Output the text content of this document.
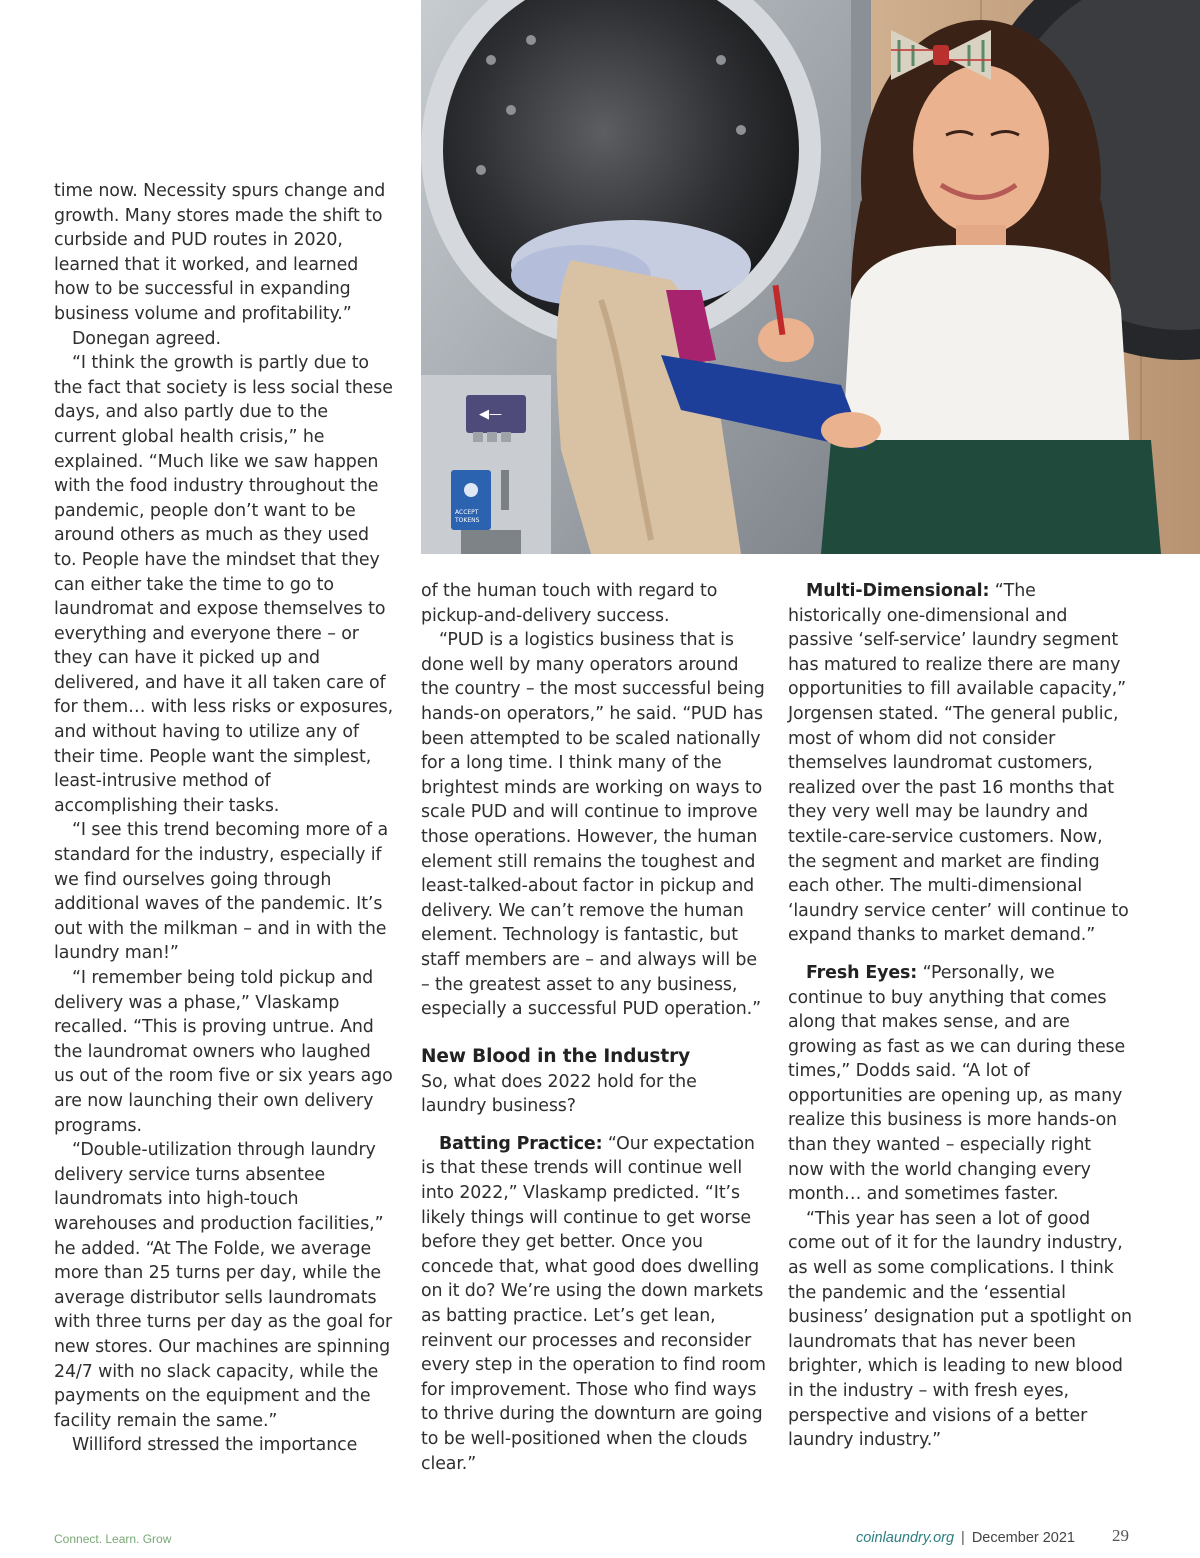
◀—
ACCEPT
TOKENS

time now. Necessity spurs change and growth. Many stores made the shift to curbside and PUD routes in 2020, learned that it worked, and learned how to be successful in expanding business volume and profitability.”

Donegan agreed.

“I think the growth is partly due to the fact that society is less social these days, and also partly due to the current global health crisis,” he explained. “Much like we saw happen with the food industry throughout the pandemic, people don’t want to be around others as much as they used to. People have the mindset that they can either take the time to go to laundromat and expose themselves to everything and everyone there – or they can have it picked up and delivered, and have it all taken care of for them… with less risks or exposures, and without having to utilize any of their time. People want the simplest, least-intrusive method of accomplishing their tasks.

“I see this trend becoming more of a standard for the industry, especially if we find ourselves going through additional waves of the pandemic. It’s out with the milkman – and in with the laundry man!”

“I remember being told pickup and delivery was a phase,” Vlaskamp recalled. “This is proving untrue. And the laundromat owners who laughed us out of the room five or six years ago are now launching their own delivery programs.

“Double-utilization through laundry delivery service turns absentee laundromats into high-touch warehouses and production facilities,” he added. “At The Folde, we average more than 25 turns per day, while the average distributor sells laundromats with three turns per day as the goal for new stores. Our machines are spinning 24/7 with no slack capacity, while the payments on the equipment and the facility remain the same.”

Williford stressed the importance

of the human touch with regard to pickup-and-delivery success.

“PUD is a logistics business that is done well by many operators around the country – the most successful being hands-on operators,” he said. “PUD has been attempted to be scaled nationally for a long time. I think many of the brightest minds are working on ways to scale PUD and will continue to improve those operations. However, the human element still remains the toughest and least-talked-about factor in pickup and delivery. We can’t remove the human element. Technology is fantastic, but staff members are – and always will be – the greatest asset to any business, especially a successful PUD operation.”

New Blood in the Industry

So, what does 2022 hold for the laundry business?

Batting Practice: “Our expectation is that these trends will continue well into 2022,” Vlaskamp predicted. “It’s likely things will continue to get worse before they get better. Once you concede that, what good does dwelling on it do? We’re using the down markets as batting practice. Let’s get lean, reinvent our processes and reconsider every step in the operation to find room for improvement. Those who find ways to thrive during the downturn are going to be well-positioned when the clouds clear.”

Multi-Dimensional: “The historically one-dimensional and passive ‘self-service’ laundry segment has matured to realize there are many opportunities to fill available capacity,” Jorgensen stated. “The general public, most of whom did not consider themselves laundromat customers, realized over the past 16 months that they very well may be laundry and textile-care-service customers. Now, the segment and market are finding each other. The multi-dimensional ‘laundry service center’ will continue to expand thanks to market demand.”

Fresh Eyes: “Personally, we continue to buy anything that comes along that makes sense, and are growing as fast as we can during these times,” Dodds said. “A lot of opportunities are opening up, as many realize this business is more hands-on than they wanted – especially right now with the world changing every month… and sometimes faster.

“This year has seen a lot of good come out of it for the laundry industry, as well as some complications. I think the pandemic and the ‘essential business’ designation put a spotlight on laundromats that has never been brighter, which is leading to new blood in the industry – with fresh eyes, perspective and visions of a better laundry industry.”

Connect. Learn. Grow	coinlaundry.org | December 2021 29
